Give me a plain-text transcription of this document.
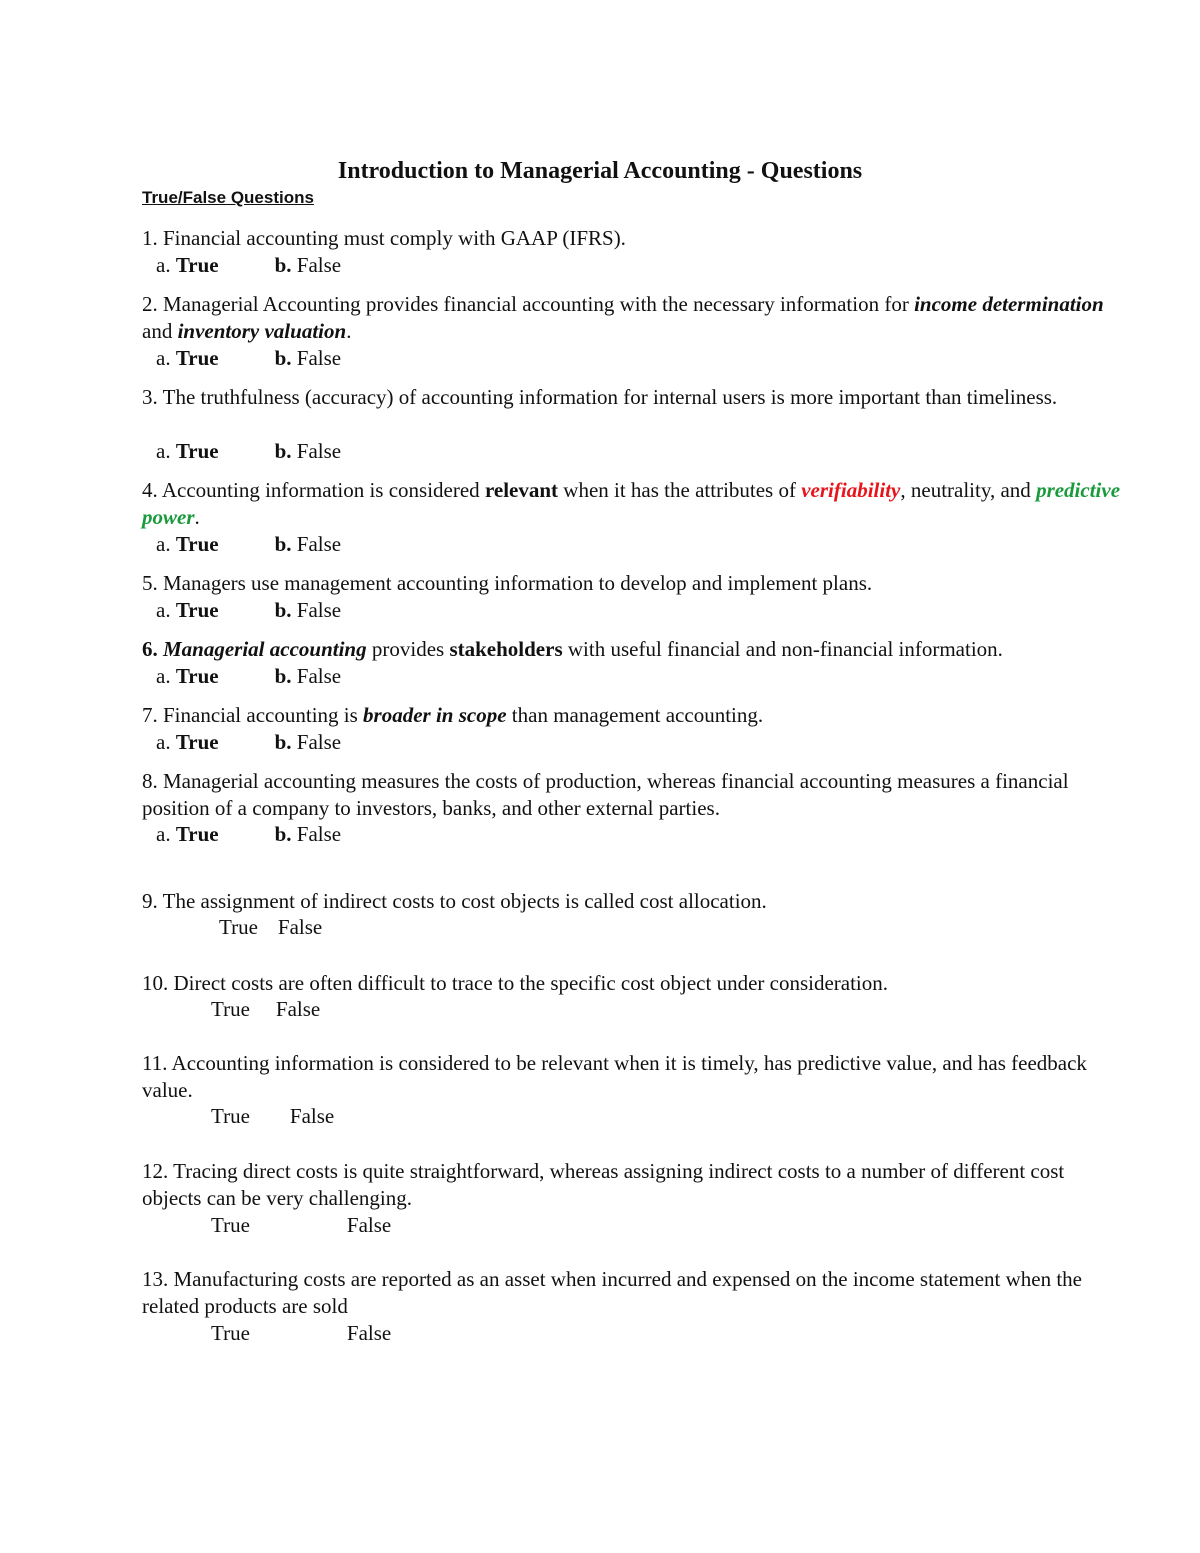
Introduction to Managerial Accounting - Questions
True/False Questions
1. Financial accounting must comply with GAAP (IFRS).
a. True	b. False
2. Managerial Accounting provides financial accounting with the necessary information for income determination and inventory valuation.
a. True	b. False
3. The truthfulness (accuracy) of accounting information for internal users is more important than timeliness.
a. True	b. False
4. Accounting information is considered relevant when it has the attributes of verifiability, neutrality, and predictive power.
a. True	b. False
5. Managers use management accounting information to develop and implement plans.
a. True	b. False
6. Managerial accounting provides stakeholders with useful financial and non-financial information.
a. True	b. False
7. Financial accounting is broader in scope than management accounting.
a. True	b. False
8. Managerial accounting measures the costs of production, whereas financial accounting measures a financial position of a company to investors, banks, and other external parties.
a. True	b. False
9. The assignment of indirect costs to cost objects is called cost allocation.
True False
10. Direct costs are often difficult to trace to the specific cost object under consideration.
True False
11. Accounting information is considered to be relevant when it is timely, has predictive value, and has feedback value.
True False
12. Tracing direct costs is quite straightforward, whereas assigning indirect costs to a number of different cost objects can be very challenging.
True	False
13. Manufacturing costs are reported as an asset when incurred and expensed on the income statement when the related products are sold
True	False
